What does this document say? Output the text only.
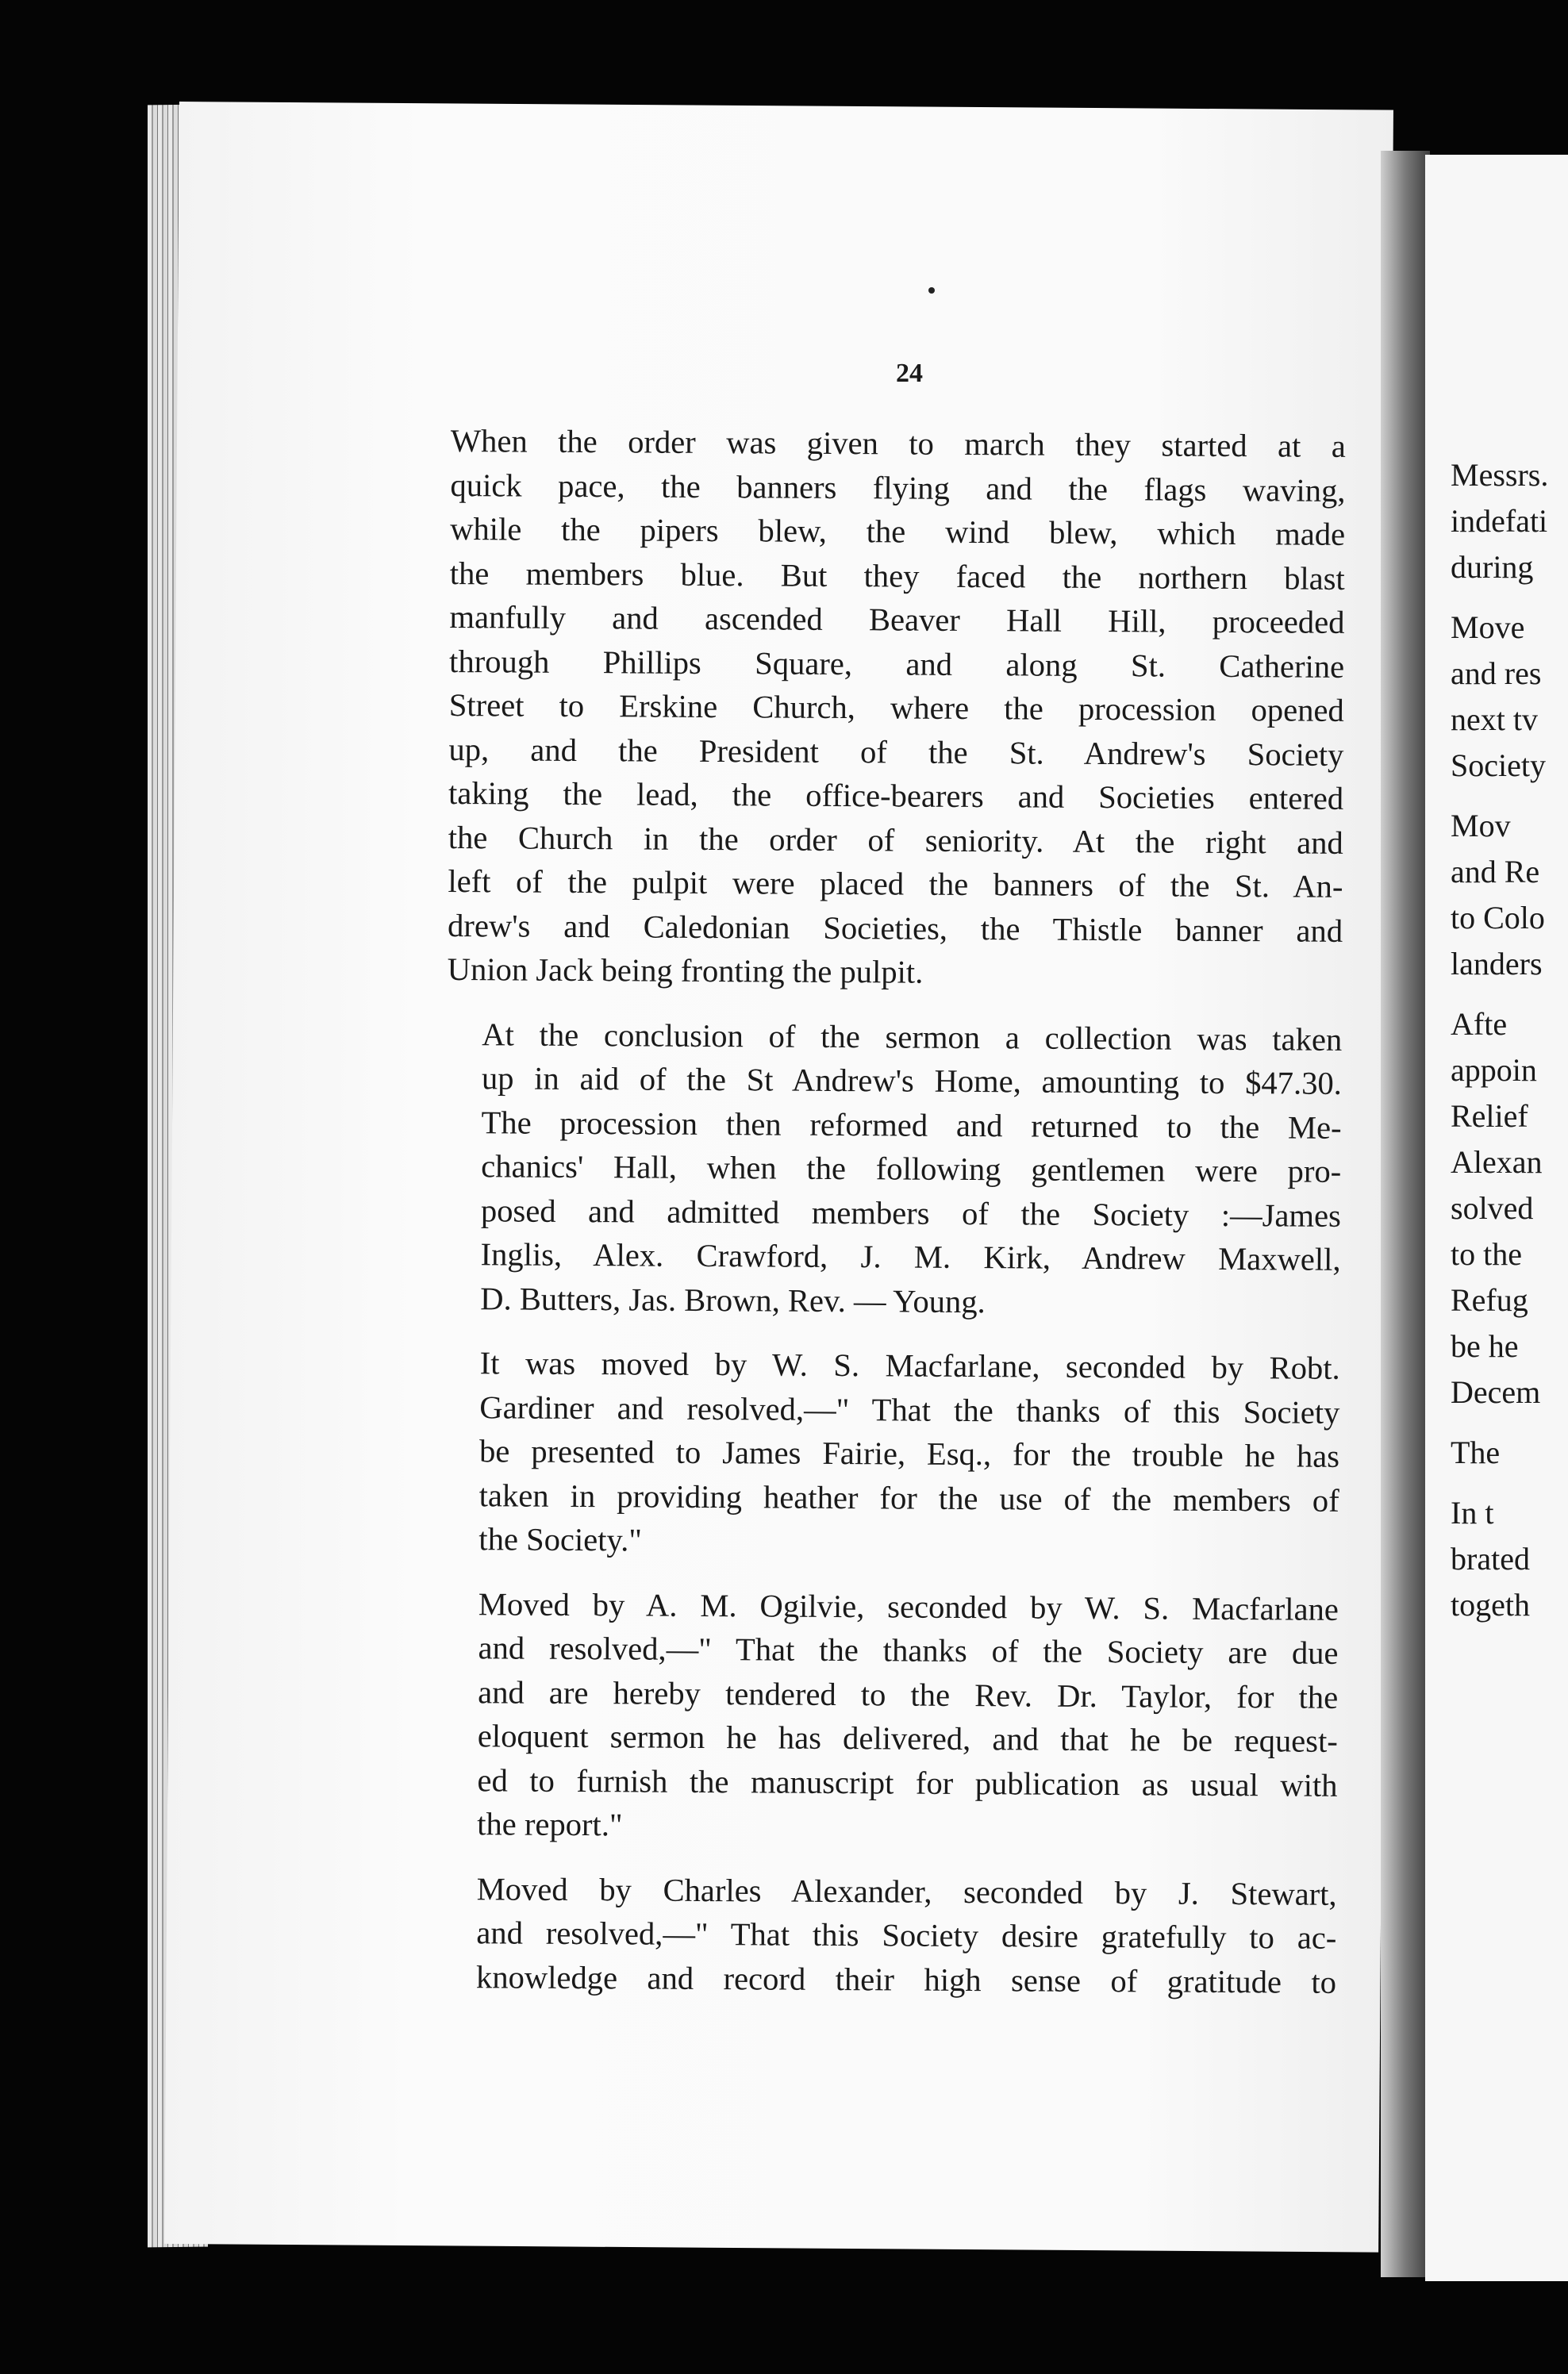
24

When the order was given to march they started at a
quick pace, the banners flying and the flags waving,
while the pipers blew, the wind blew, which made
the members blue. But they faced the northern blast
manfully and ascended Beaver Hall Hill, proceeded
through Phillips Square, and along St. Catherine
Street to Erskine Church, where the procession opened
up, and the President of the St. Andrew's Society
taking the lead, the office-bearers and Societies entered
the Church in the order of seniority. At the right and
left of the pulpit were placed the banners of the St. An-
drew's and Caledonian Societies, the Thistle banner and
Union Jack being fronting the pulpit.

At the conclusion of the sermon a collection was taken
up in aid of the St Andrew's Home, amounting to $47.30.
The procession then reformed and returned to the Me-
chanics' Hall, when the following gentlemen were pro-
posed and admitted members of the Society :—James
Inglis, Alex. Crawford, J. M. Kirk, Andrew Maxwell,
D. Butters, Jas. Brown, Rev. — Young.

It was moved by W. S. Macfarlane, seconded by Robt.
Gardiner and resolved,—" That the thanks of this Society
be presented to James Fairie, Esq., for the trouble he has
taken in providing heather for the use of the members of
the Society."

Moved by A. M. Ogilvie, seconded by W. S. Macfarlane
and resolved,—" That the thanks of the Society are due
and are hereby tendered to the Rev. Dr. Taylor, for the
eloquent sermon he has delivered, and that he be request-
ed to furnish the manuscript for publication as usual with
the report."

Moved by Charles Alexander, seconded by J. Stewart,
and resolved,—" That this Society desire gratefully to ac-
knowledge and record their high sense of gratitude to

Messrs.
indefati
during
Move
and res
next tv
Society
Mov
and Re
to Colo
landers
Afte
appoin
Relief
Alexan
solved
to the
Refug
be he
Decem
The
In t
brated
togeth
